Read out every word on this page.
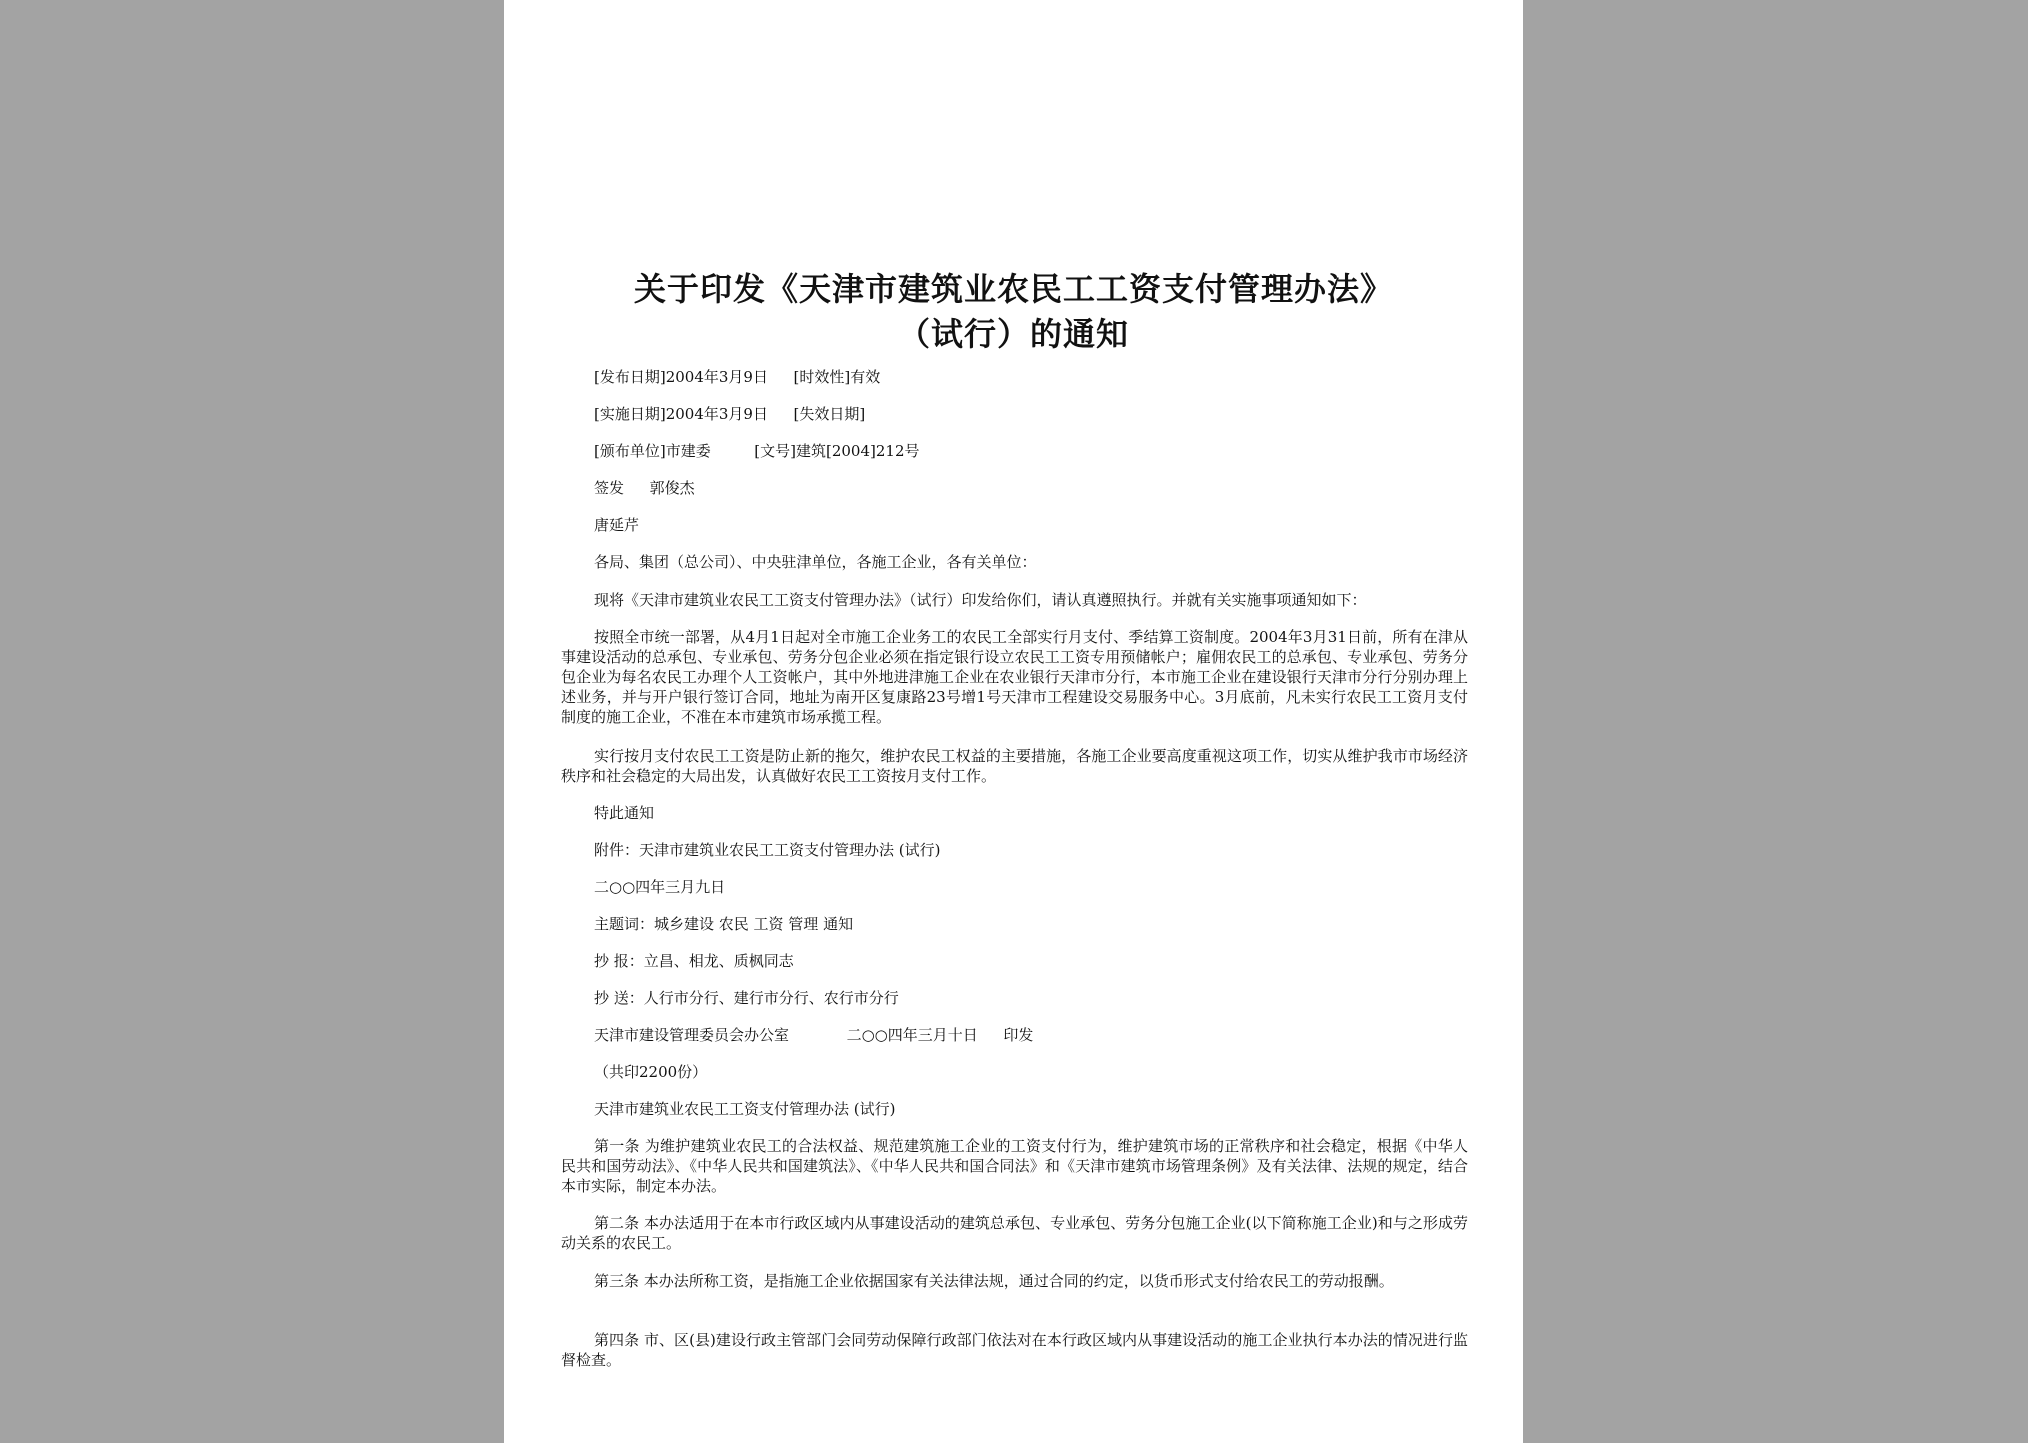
关于印发《天津市建筑业农民工工资支付管理办法》
（试行）的通知

[发布日期]2004年3月9日 [时效性]有效

[实施日期]2004年3月9日 [失效日期]

[颁布单位]市建委	[文号]建筑[2004]212号

签发 郭俊杰

唐延芹

各局、集团（总公司）、中央驻津单位，各施工企业，各有关单位：

现将《天津市建筑业农民工工资支付管理办法》（试行）印发给你们，请认真遵照执行。并就有关实施事项通知如下：

按照全市统一部署，从4月1日起对全市施工企业务工的农民工全部实行月支付、季结算工资制度。2004年3月31日前，所有在津从事建设活动的总承包、专业承包、劳务分包企业必须在指定银行设立农民工工资专用预储帐户；雇佣农民工的总承包、专业承包、劳务分包企业为每名农民工办理个人工资帐户，其中外地进津施工企业在农业银行天津市分行，本市施工企业在建设银行天津市分行分别办理上述业务，并与开户银行签订合同，地址为南开区复康路23号增1号天津市工程建设交易服务中心。3月底前，凡未实行农民工工资月支付制度的施工企业，不准在本市建筑市场承揽工程。

实行按月支付农民工工资是防止新的拖欠，维护农民工权益的主要措施，各施工企业要高度重视这项工作，切实从维护我市市场经济秩序和社会稳定的大局出发，认真做好农民工工资按月支付工作。

特此通知

附件：天津市建筑业农民工工资支付管理办法 (试行)

二○○四年三月九日

主题词：城乡建设 农民 工资 管理 通知

抄 报：立昌、相龙、质枫同志

抄 送：人行市分行、建行市分行、农行市分行

天津市建设管理委员会办公室	二○○四年三月十日 印发

（共印2200份）

天津市建筑业农民工工资支付管理办法 (试行)

第一条 为维护建筑业农民工的合法权益、规范建筑施工企业的工资支付行为，维护建筑市场的正常秩序和社会稳定，根据《中华人民共和国劳动法》、《中华人民共和国建筑法》、《中华人民共和国合同法》和《天津市建筑市场管理条例》及有关法律、法规的规定，结合本市实际，制定本办法。

第二条 本办法适用于在本市行政区域内从事建设活动的建筑总承包、专业承包、劳务分包施工企业(以下简称施工企业)和与之形成劳动关系的农民工。

第三条 本办法所称工资，是指施工企业依据国家有关法律法规，通过合同的约定，以货币形式支付给农民工的劳动报酬。

第四条 市、区(县)建设行政主管部门会同劳动保障行政部门依法对在本行政区域内从事建设活动的施工企业执行本办法的情况进行监督检查。
